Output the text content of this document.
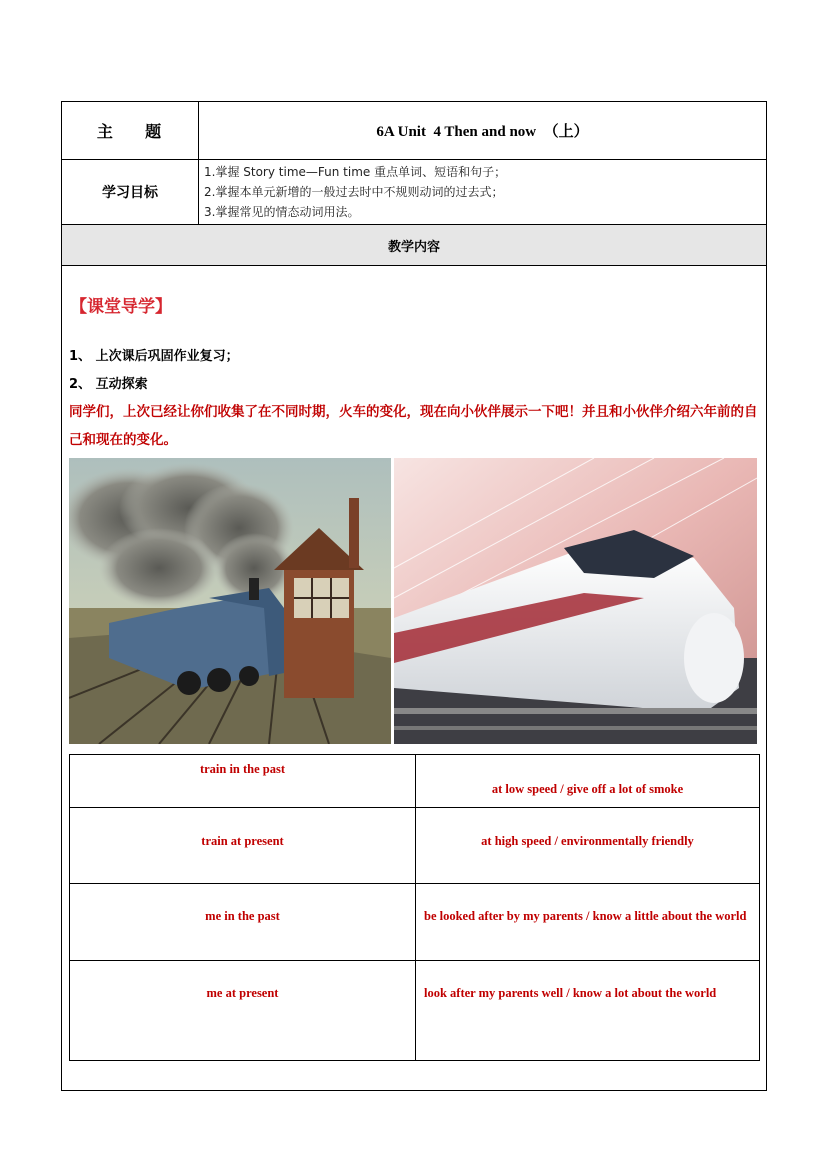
主    题	6A Unit  4 Then and now  （上）
学习目标
1.掌握 Story time—Fun time 重点单词、短语和句子；
2.掌握本单元新增的一般过去时中不规则动词的过去式；
3.掌握常见的情态动词用法。
教学内容
【课堂导学】
1、 上次课后巩固作业复习；
2、 互动探索
同学们，上次已经让你们收集了在不同时期，火车的变化，现在向小伙伴展示一下吧！并且和小伙伴介绍六年前的自己和现在的变化。
train in the past	at low speed / give off a lot of smoke

train at present	at high speed / environmentally friendly

me in the past	be looked after by my parents / know a little about the world

me at present	look after my parents well / know a lot about the world
